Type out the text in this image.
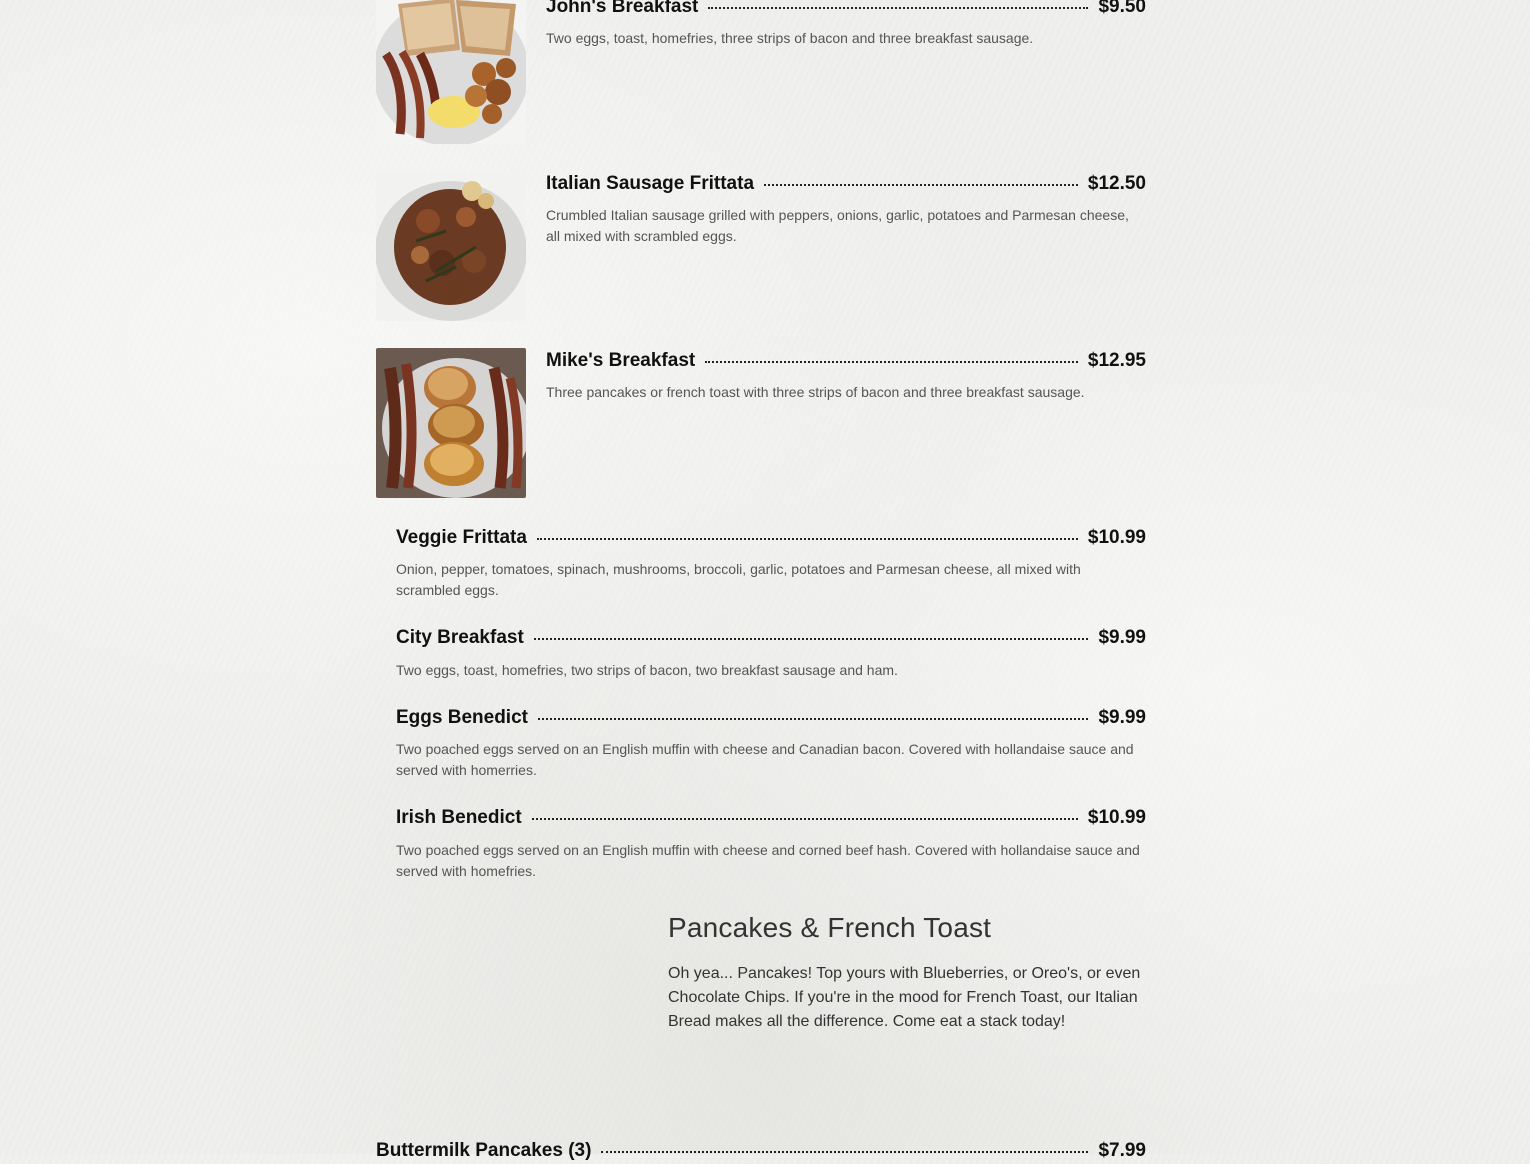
John's Breakfast	$9.50
Two eggs, toast, homefries, three strips of bacon and three breakfast sausage.
Italian Sausage Frittata	$12.50
Crumbled Italian sausage grilled with peppers, onions, garlic, potatoes and Parmesan cheese, all mixed with scrambled eggs.
Mike's Breakfast	$12.95
Three pancakes or french toast with three strips of bacon and three breakfast sausage.
Veggie Frittata	$10.99
Onion, pepper, tomatoes, spinach, mushrooms, broccoli, garlic, potatoes and Parmesan cheese, all mixed with scrambled eggs.
City Breakfast	$9.99
Two eggs, toast, homefries, two strips of bacon, two breakfast sausage and ham.
Eggs Benedict	$9.99
Two poached eggs served on an English muffin with cheese and Canadian bacon. Covered with hollandaise sauce and served with homerries.
Irish Benedict	$10.99
Two poached eggs served on an English muffin with cheese and corned beef hash. Covered with hollandaise sauce and served with homefries.
Pancakes & French Toast
Oh yea... Pancakes! Top yours with Blueberries, or Oreo's, or even Chocolate Chips. If you're in the mood for French Toast, our Italian Bread makes all the difference. Come eat a stack today!
Buttermilk Pancakes (3)	$7.99
